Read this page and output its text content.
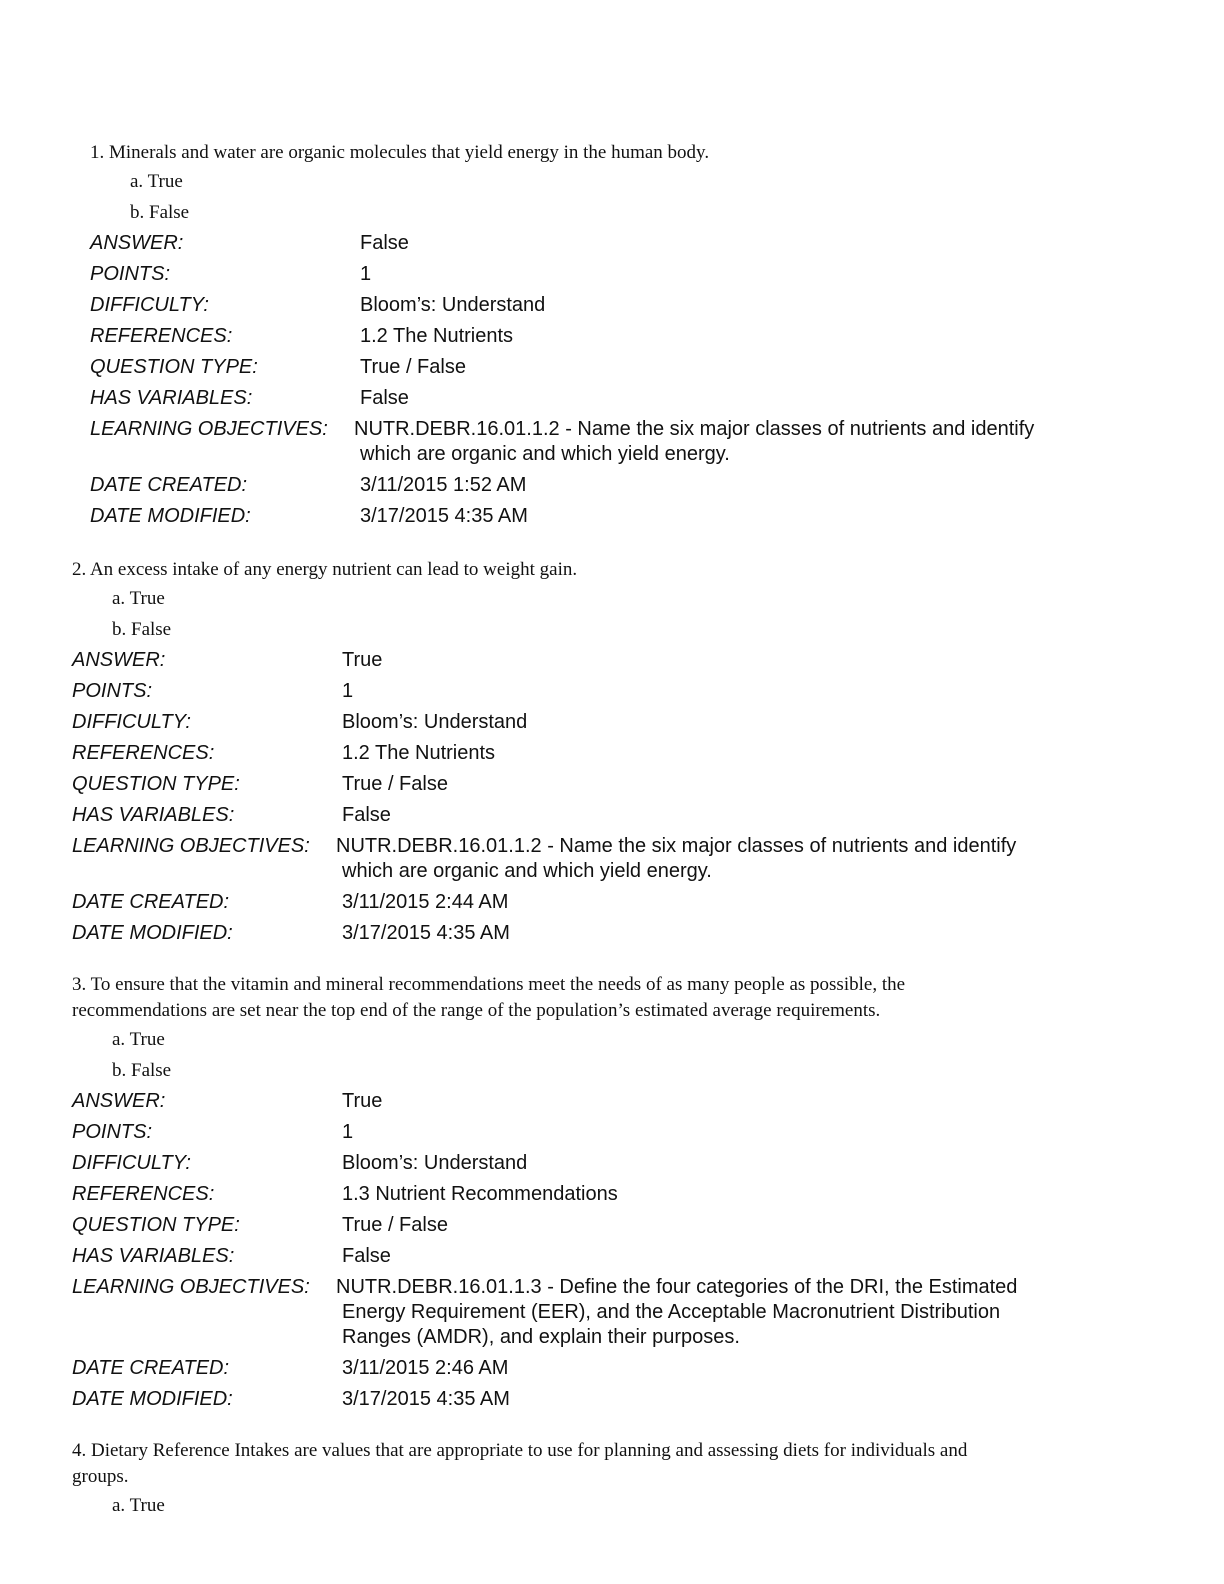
1. Minerals and water are organic molecules that yield energy in the human body.

a. True
b. False
ANSWER:	False
POINTS:	1
DIFFICULTY:	Bloom’s: Understand
REFERENCES:	1.2 The Nutrients
QUESTION TYPE:	True / False
HAS VARIABLES:	False
LEARNING OBJECTIVES:	NUTR.DEBR.16.01.1.2 - Name the six major classes of nutrients and identify
which are organic and which yield energy.
DATE CREATED:	3/11/2015 1:52 AM
DATE MODIFIED:	3/17/2015 4:35 AM

2. An excess intake of any energy nutrient can lead to weight gain.

a. True
b. False
ANSWER:	True
POINTS:	1
DIFFICULTY:	Bloom’s: Understand
REFERENCES:	1.2 The Nutrients
QUESTION TYPE:	True / False
HAS VARIABLES:	False
LEARNING OBJECTIVES:	NUTR.DEBR.16.01.1.2 - Name the six major classes of nutrients and identify
which are organic and which yield energy.
DATE CREATED:	3/11/2015 2:44 AM
DATE MODIFIED:	3/17/2015 4:35 AM

3. To ensure that the vitamin and mineral recommendations meet the needs of as many people as possible, the
recommendations are set near the top end of the range of the population’s estimated average requirements.

a. True
b. False
ANSWER:	True
POINTS:	1
DIFFICULTY:	Bloom’s: Understand
REFERENCES:	1.3 Nutrient Recommendations
QUESTION TYPE:	True / False
HAS VARIABLES:	False
LEARNING OBJECTIVES:	NUTR.DEBR.16.01.1.3 - Define the four categories of the DRI, the Estimated
Energy Requirement (EER), and the Acceptable Macronutrient Distribution
Ranges (AMDR), and explain their purposes.
DATE CREATED:	3/11/2015 2:46 AM
DATE MODIFIED:	3/17/2015 4:35 AM

4. Dietary Reference Intakes are values that are appropriate to use for planning and assessing diets for individuals and
groups.

a. True
